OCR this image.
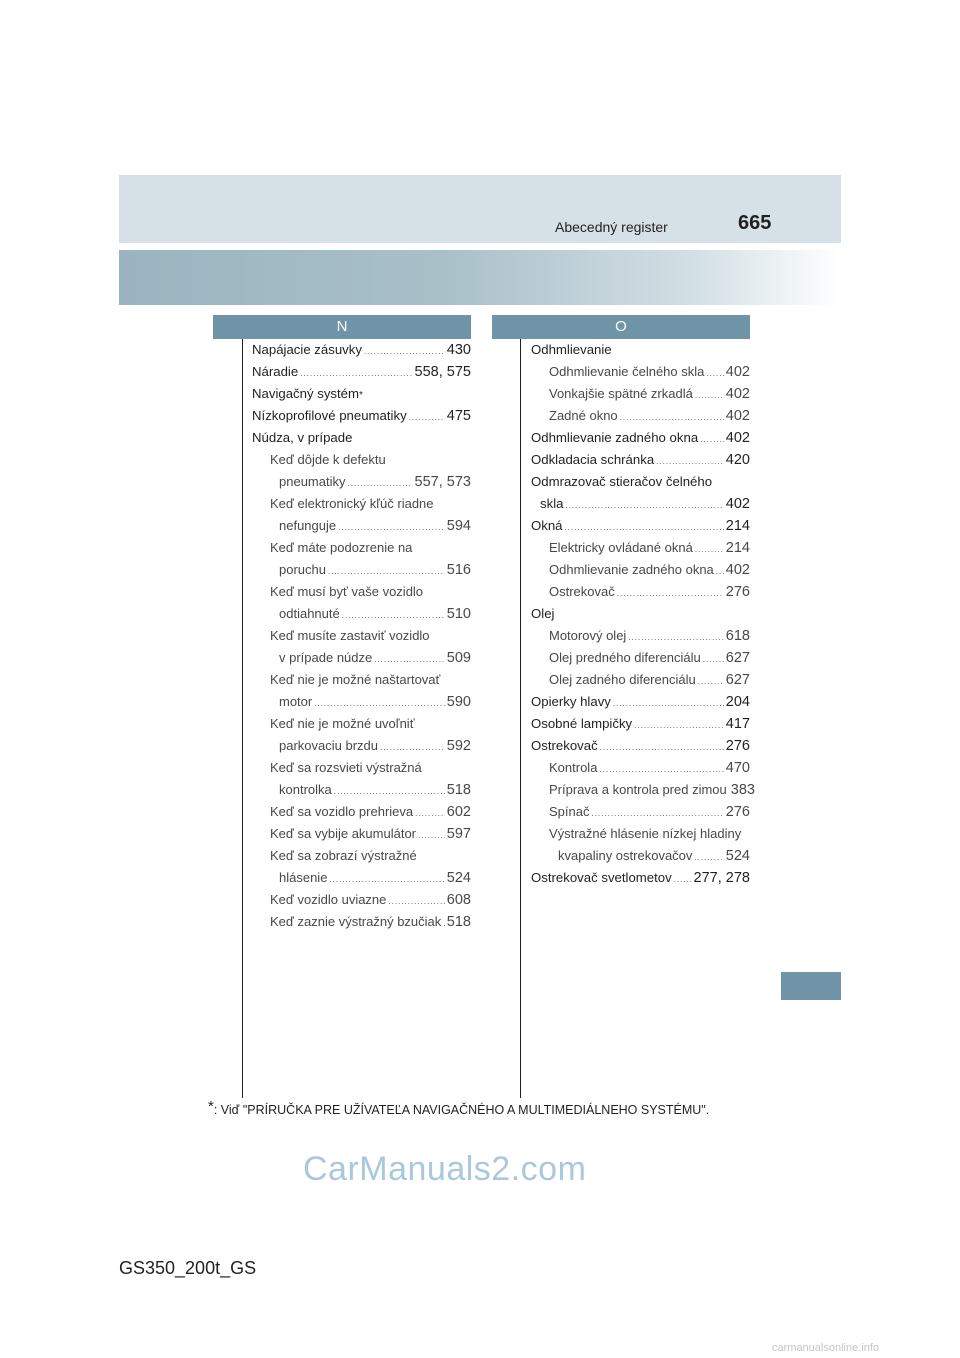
Abecedný register	665
N	O
Napájacie zásuvky .....	430
Náradie .....	558, 575
Navigačný systém *
Nízkoprofilové pneumatiky .....	475
Núdza, v prípade
Keď dôjde k defektu
pneumatiky .....	557, 573
Keď elektronický kľúč riadne
nefunguje .....	594
Keď máte podozrenie na
poruchu .....	516
Keď musí byť vaše vozidlo
odtiahnuté .....	510
Keď musíte zastaviť vozidlo
v prípade núdze .....	509
Keď nie je možné naštartovať
motor .....	590
Keď nie je možné uvoľniť
parkovaciu brzdu .....	592
Keď sa rozsvieti výstražná
kontrolka .....	518
Keď sa vozidlo prehrieva ..... 602
Keď sa vybije akumulátor ..... 597
Keď sa zobrazí výstražné
hlásenie .....	524
Keď vozidlo uviazne .....	608
Keď zaznie výstražný bzučiak ..... 518
Odhmlievanie
Odhmlievanie čelného skla ..... 402
Vonkajšie spätné zrkadlá ..... 402
Zadné okno .....	402
Odhmlievanie zadného okna ..... 402
Odkladacia schránka .....	420
Odmrazovač stieračov čelného
skla .....	402
Okná .....	214
Elektricky ovládané okná ..... 214
Odhmlievanie zadného okna ..... 402
Ostrekovač .....	276
Olej
Motorový olej .....	618
Olej predného diferenciálu ..... 627
Olej zadného diferenciálu ..... 627
Opierky hlavy .....	204
Osobné lampičky .....	417
Ostrekovač .....	276
Kontrola .....	470
Príprava a kontrola pred zimou 383
Spínač .....	276
Výstražné hlásenie nízkej hladiny
kvapaliny ostrekovačov ..... 524
Ostrekovač svetlometov ..... 277, 278
*: Viď "PRÍRUČKA PRE UŽÍVATEĽA NAVIGAČNÉHO A MULTIMEDIÁLNEHO SYSTÉMU".
CarManuals2.com
GS350_200t_GS
carmanualsonline.info
